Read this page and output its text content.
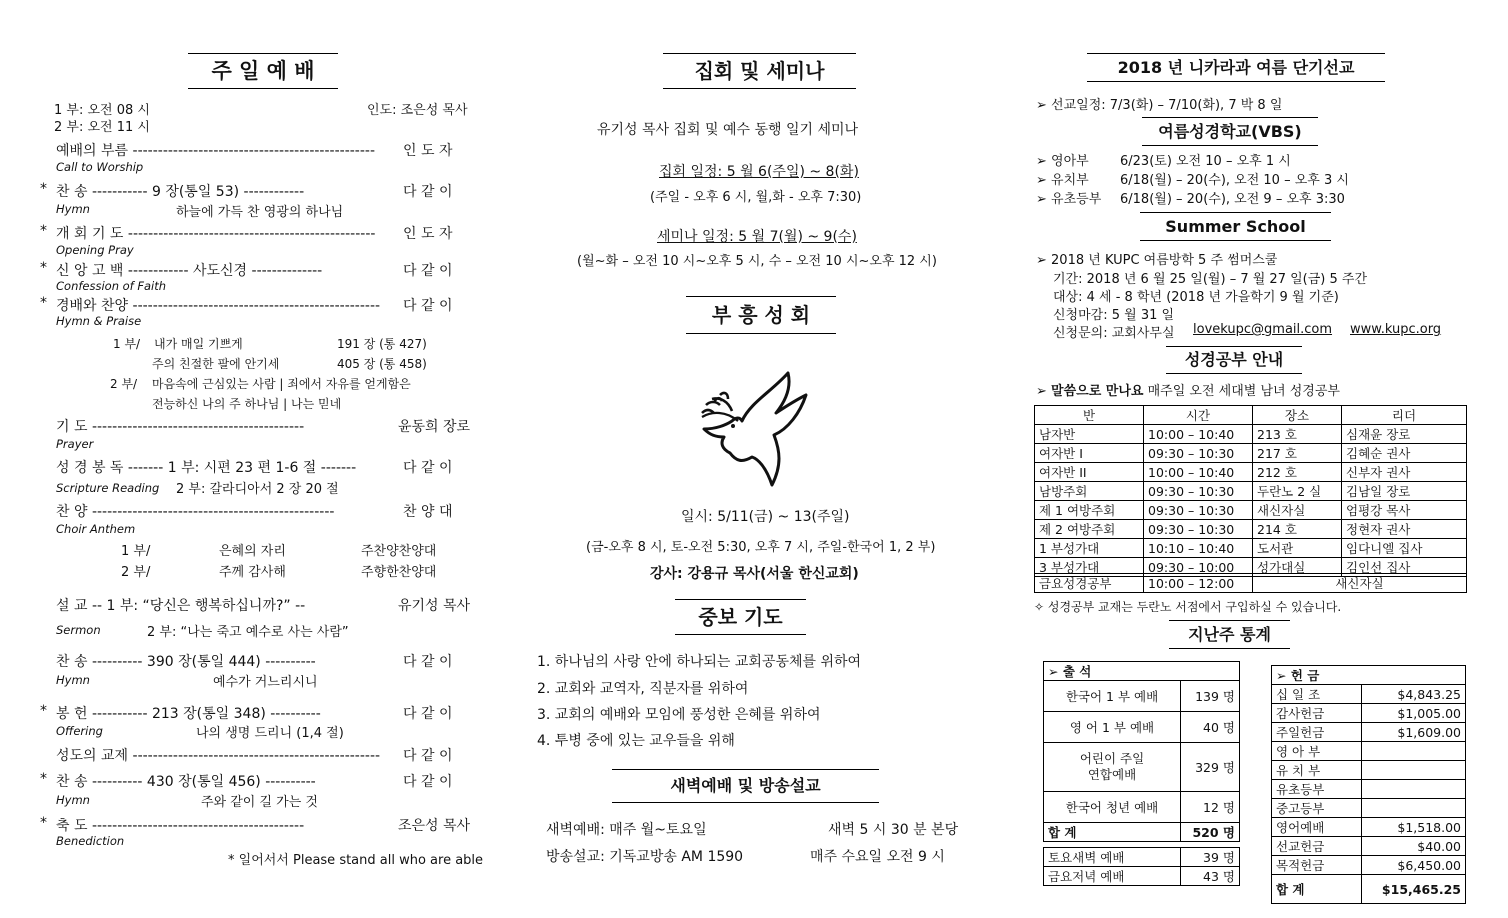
주 일 예 배
1 부: 오전 08 시
2 부: 오전 11 시
인도: 조은성 목사
예배의 부름 ------------------------------------------------ 인 도 자
Call to Worship
* 찬 송 ----------- 9 장(통일 53) ------------	다 같 이
Hymn	하늘에 가득 찬 영광의 하나님
* 개 회 기 도 ------------------------------------------------- 인 도 자
Opening Pray
* 신 앙 고 백 ------------ 사도신경 --------------	다 같 이
Confession of Faith
* 경배와 찬양 ------------------------------------------------- 다 같 이
Hymn & Praise
1 부/ 내가 매일 기쁘게	191 장 (통 427)
주의 친절한 팔에 안기세	405 장 (통 458)
2 부/ 마음속에 근심있는 사람 | 죄에서 자유를 얻게함은
전능하신 나의 주 하나님 | 나는 믿네
기 도 ------------------------------------------	윤동희 장로
Prayer
성 경 봉 독 ------- 1 부: 시편 23 편 1-6 절 -------	다 같 이
Scripture Reading 2 부: 갈라디아서 2 장 20 절
찬 양 ------------------------------------------------	찬 양 대
Choir Anthem
1 부/	은혜의 자리	주찬양찬양대
2 부/	주께 감사해	주향한찬양대
설 교 -- 1 부: “당신은 행복하십니까?” --	유기성 목사
Sermon	2 부: “나는 죽고 예수로 사는 사람”
찬 송 ---------- 390 장(통일 444) ----------	다 같 이
Hymn	예수가 거느리시니
* 봉 헌 ----------- 213 장(통일 348) ----------	다 같 이
Offering	나의 생명 드리니 (1,4 절)
성도의 교제 ------------------------------------------------- 다 같 이
* 찬 송 ---------- 430 장(통일 456) ----------	다 같 이
Hymn	주와 같이 길 가는 것
* 축 도 ------------------------------------------	조은성 목사
Benediction
* 일어서서 Please stand all who are able
집회 및 세미나
유기성 목사 집회 및 예수 동행 일기 세미나
집회 일정: 5 월 6(주일) ~ 8(화)
(주일 - 오후 6 시, 월,화 - 오후 7:30)
세미나 일정: 5 월 7(월) ~ 9(수)
(월~화 – 오전 10 시~오후 5 시, 수 – 오전 10 시~오후 12 시)
부 흥 성 회
일시: 5/11(금) ~ 13(주일)
(금-오후 8 시, 토-오전 5:30, 오후 7 시, 주일-한국어 1, 2 부)
강사: 강용규 목사(서울 한신교회)
중보 기도
1. 하나님의 사랑 안에 하나되는 교회공동체를 위하여
2. 교회와 교역자, 직분자를 위하여
3. 교회의 예배와 모임에 풍성한 은혜를 위하여
4. 투병 중에 있는 교우들을 위해
새벽예배 및 방송설교
새벽예배: 매주 월~토요일	새벽 5 시 30 분 본당
방송설교: 기독교방송 AM 1590	매주 수요일 오전 9 시
2018 년 니카라과 여름 단기선교
➢ 선교일정: 7/3(화) – 7/10(화), 7 박 8 일
여름성경학교(VBS)
➢ 영아부 6/23(토) 오전 10 – 오후 1 시
➢ 유치부 6/18(월) – 20(수), 오전 10 – 오후 3 시
➢ 유초등부 6/18(월) – 20(수), 오전 9 – 오후 3:30
Summer School
➢ 2018 년 KUPC 여름방학 5 주 썸머스쿨
기간: 2018 년 6 월 25 일(월) – 7 월 27 일(금) 5 주간
대상: 4 세 - 8 학년 (2018 년 가을학기 9 월 기준)
신청마감: 5 월 31 일
신청문의: 교회사무실 lovekupc@gmail.com www.kupc.org
성경공부 안내
➢ 말씀으로 만나요 매주일 오전 세대별 남녀 성경공부
반	시간	장소	리더
남자반	10:00 – 10:40	213 호	심재윤 장로
여자반 I	09:30 – 10:30	217 호	김혜순 권사
여자반 II	10:00 – 10:40	212 호	신부자 권사
남방주회	09:30 – 10:30	두란노 2 실	김남일 장로
제 1 여방주회	09:30 – 10:30	새신자실	엄평강 목사
제 2 여방주회	09:30 – 10:30	214 호	정현자 권사
1 부성가대	10:10 – 10:40	도서관	임다니엘 집사
3 부성가대	09:30 – 10:00	성가대실	김인선 집사
금요성경공부	10:00 – 12:00	새신자실
✧ 성경공부 교재는 두란노 서점에서 구입하실 수 있습니다.
지난주 통계
➢ 출 석	
한국어 1 부 예배	139 명
영 어 1 부 예배	40 명
어린이 주일
연합예배	329 명
한국어 청년 예배	12 명
합 계	520 명
토요새벽 예배	39 명
금요저녁 예배	43 명
➢ 헌 금	
십 일 조	$4,843.25
감사헌금	$1,005.00
주일헌금	$1,609.00
영 아 부	
유 치 부	
유초등부	
중고등부	
영어예배	$1,518.00
선교헌금	$40.00
목적헌금	$6,450.00
합 계	$15,465.25
